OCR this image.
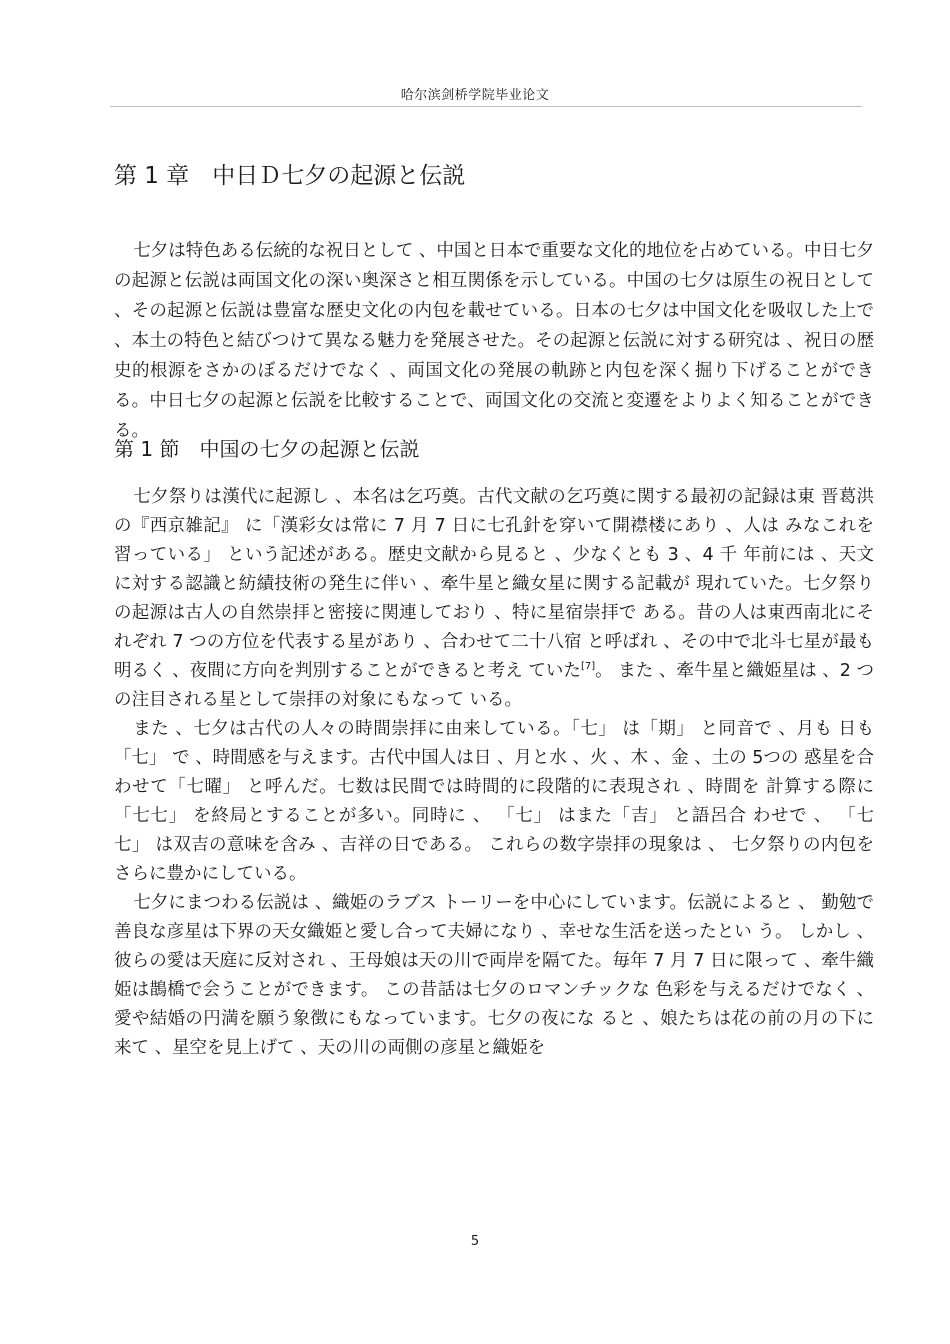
哈尔滨剑桥学院毕业论文
第 1 章　中日Ｄ七夕の起源と伝説

七夕は特色ある伝統的な祝日として 、中国と日本で重要な文化的地位を占めている。中日七夕の起源と伝説は両国文化の深い奥深さと相互関係を示している。中国の七夕は原生の祝日として 、その起源と伝説は豊富な歴史文化の内包を載せている。日本の七夕は中国文化を吸収した上で 、本土の特色と結びつけて異なる魅力を発展させた。その起源と伝説に対する研究は 、祝日の歴史的根源をさかのぼるだけでなく 、両国文化の発展の軌跡と内包を深く掘り下げることができる。中日七夕の起源と伝説を比較することで、両国文化の交流と変遷をよりよく知ることができる。

第 1 節　中国の七夕の起源と伝説

七夕祭りは漢代に起源し 、本名は乞巧奠。古代文献の乞巧奠に関する最初の記録は東 晋葛洪の『西京雑記』 に「漢彩女は常に 7 月 7 日に七孔針を穿いて開襟楼にあり 、人は みなこれを習っている」 という記述がある。歴史文献から見ると 、少なくとも 3 、4 千 年前には 、天文に対する認識と紡績技術の発生に伴い 、牽牛星と織女星に関する記載が 現れていた。七夕祭りの起源は古人の自然崇拝と密接に関連しており 、特に星宿崇拝で ある。昔の人は東西南北にそれぞれ 7 つの方位を代表する星があり 、合わせて二十八宿 と呼ばれ 、その中で北斗七星が最も明るく 、夜間に方向を判別することができると考え ていた[7]。 また 、牽牛星と織姫星は 、2 つの注目される星として崇拝の対象にもなって いる。

また 、七夕は古代の人々の時間崇拝に由来している。「七」 は「期」 と同音で 、月も 日も「七」 で 、時間感を与えます。古代中国人は日 、月と水 、火 、木 、金 、土の 5つの 惑星を合わせて「七曜」 と呼んだ。七数は民間では時間的に段階的に表現され 、時間を 計算する際に「七七」 を終局とすることが多い。同時に 、 「七」 はまた「吉」 と語呂合 わせで 、 「七七」 は双吉の意味を含み 、吉祥の日である。 これらの数字崇拝の現象は 、 七夕祭りの内包をさらに豊かにしている。

七夕にまつわる伝説は 、織姫のラブス トーリーを中心にしています。伝説によると 、 勤勉で善良な彦星は下界の天女織姫と愛し合って夫婦になり 、幸せな生活を送ったとい う。 しかし 、彼らの愛は天庭に反対され 、王母娘は天の川で両岸を隔てた。毎年 7 月 7 日に限って 、牽牛織姫は鵲橋で会うことができます。 この昔話は七夕のロマンチックな 色彩を与えるだけでなく 、愛や結婚の円満を願う象徴にもなっています。七夕の夜にな ると 、娘たちは花の前の月の下に来て 、星空を見上げて 、天の川の両側の彦星と織姫を

5
